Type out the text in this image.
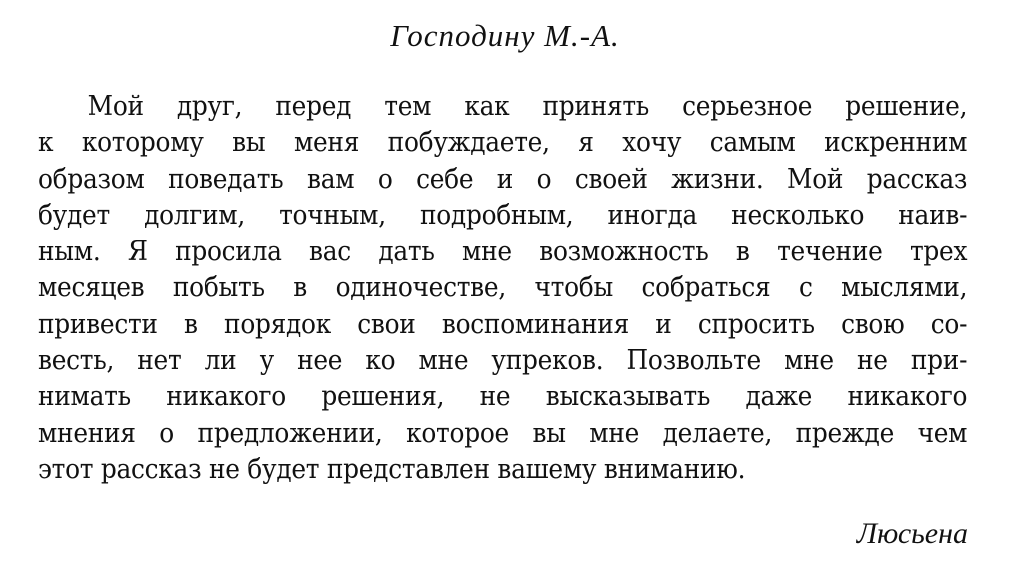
Господину М.-А.
Мой друг, перед тем как принять серьезное решение,
к которому вы меня побуждаете, я хочу самым искренним
образом поведать вам о себе и о своей жизни. Мой рассказ
будет долгим, точным, подробным, иногда несколько наив-
ным. Я просила вас дать мне возможность в течение трех
месяцев побыть в одиночестве, чтобы собраться с мыслями,
привести в порядок свои воспоминания и спросить свою со-
весть, нет ли у нее ко мне упреков. Позвольте мне не при-
нимать никакого решения, не высказывать даже никакого
мнения о предложении, которое вы мне делаете, прежде чем
этот рассказ не будет представлен вашему вниманию.
Люсьена
